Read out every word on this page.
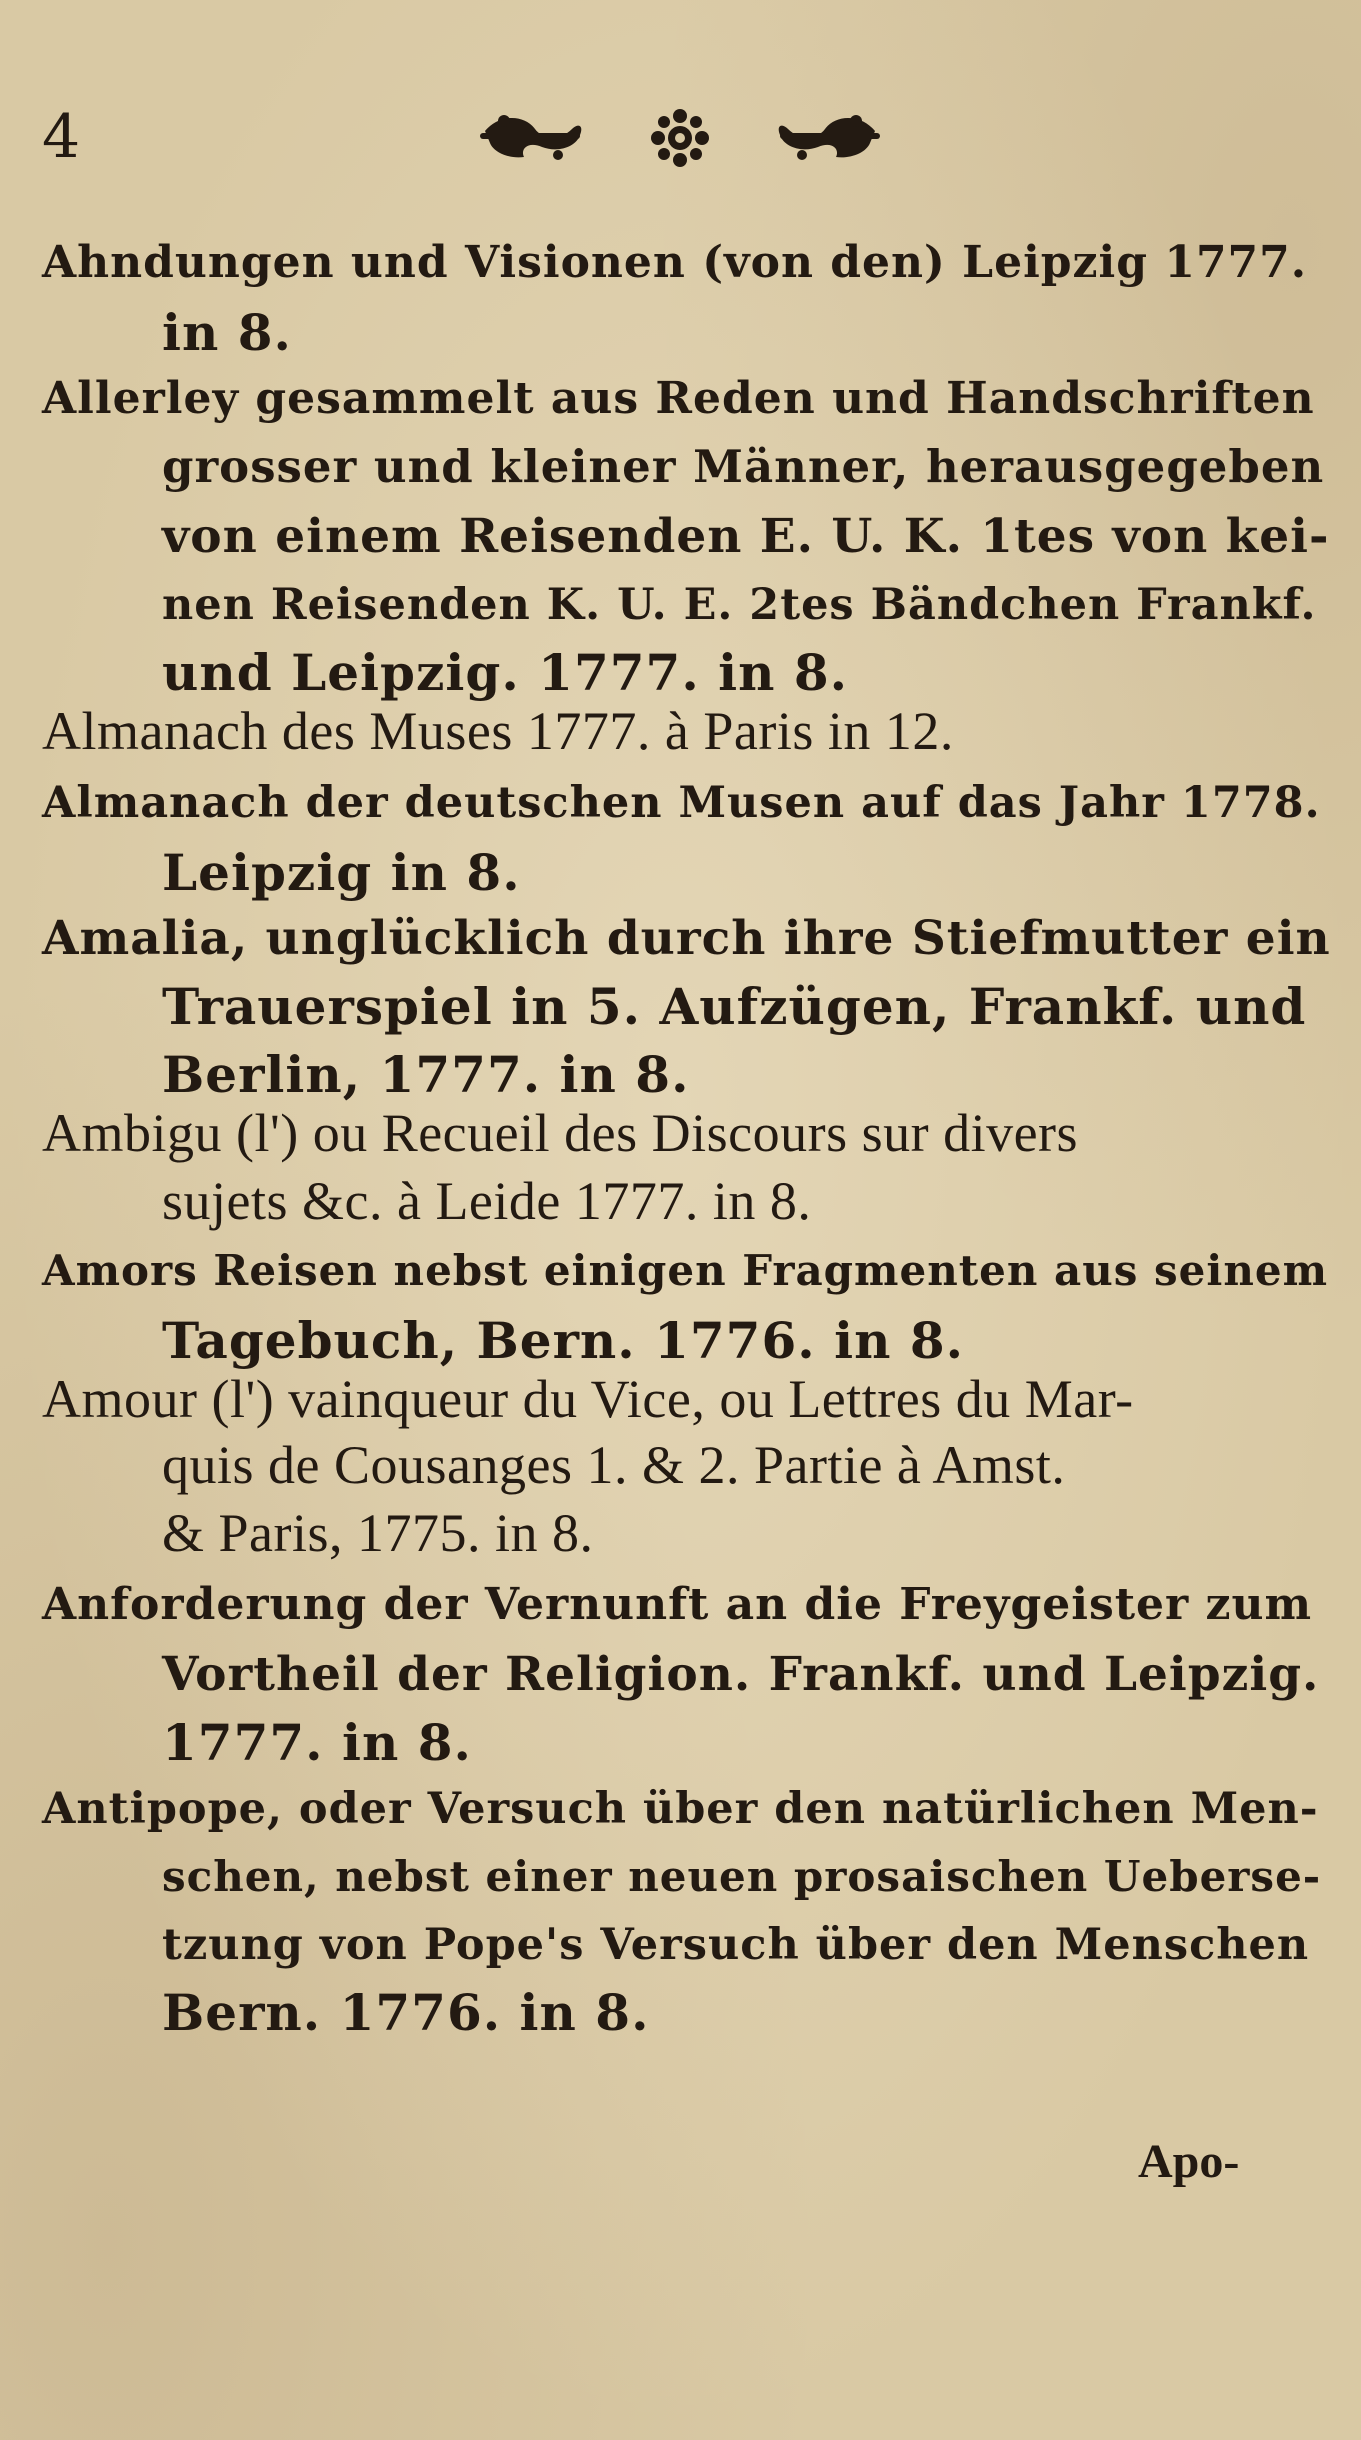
4
Ahndungen und Visionen (von den) Leipzig 1777.
in 8.
Allerley gesammelt aus Reden und Handschriften
grosser und kleiner Männer, herausgegeben
von einem Reisenden E. U. K. 1tes von kei-
nen Reisenden K. U. E. 2tes Bändchen Frankf.
und Leipzig. 1777. in 8.
Almanach des Muses 1777. à Paris in 12.
Almanach der deutschen Musen auf das Jahr 1778.
Leipzig in 8.
Amalia, unglücklich durch ihre Stiefmutter ein
Trauerspiel in 5. Aufzügen, Frankf. und
Berlin, 1777. in 8.
Ambigu (l') ou Recueil des Discours sur divers
sujets &c. à Leide 1777. in 8.
Amors Reisen nebst einigen Fragmenten aus seinem
Tagebuch, Bern. 1776. in 8.
Amour (l') vainqueur du Vice, ou Lettres du Mar-
quis de Cousanges 1. & 2. Partie à Amst.
& Paris, 1775. in 8.
Anforderung der Vernunft an die Freygeister zum
Vortheil der Religion. Frankf. und Leipzig.
1777. in 8.
Antipope, oder Versuch über den natürlichen Men-
schen, nebst einer neuen prosaischen Ueberse-
tzung von Pope's Versuch über den Menschen
Bern. 1776. in 8.
Apo-
